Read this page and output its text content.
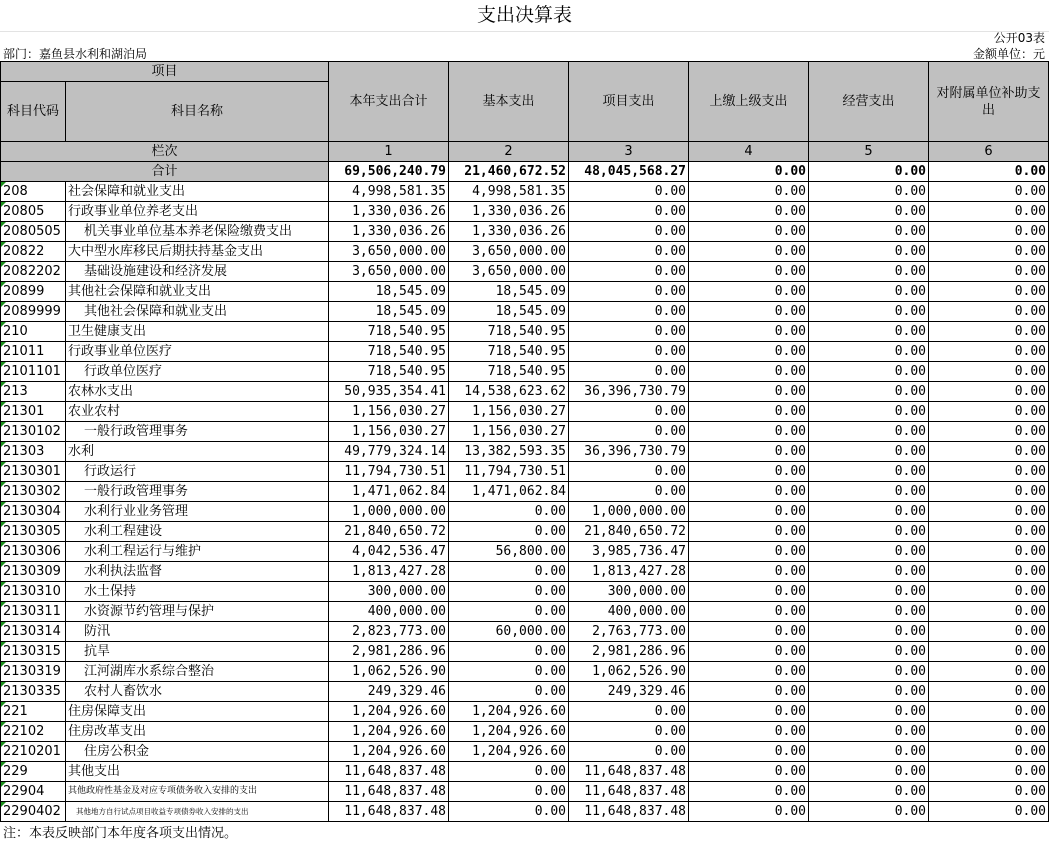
支出决算表
公开03表
部门：嘉鱼县水利和湖泊局	金额单位：元
项目		本年支出合计	基本支出	项目支出	上缴上级支出	经营支出	对附属单位补助支出
科目代码	科目名称						
栏次		1	2	3	4	5	6
合计		69,506,240.79	21,460,672.52	48,045,568.27	0.00	0.00	0.00
208	社会保障和就业支出	4,998,581.35	4,998,581.35	0.00	0.00	0.00	0.00
20805	行政事业单位养老支出	1,330,036.26	1,330,036.26	0.00	0.00	0.00	0.00
2080505	机关事业单位基本养老保险缴费支出	1,330,036.26	1,330,036.26	0.00	0.00	0.00	0.00
20822	大中型水库移民后期扶持基金支出	3,650,000.00	3,650,000.00	0.00	0.00	0.00	0.00
2082202	基础设施建设和经济发展	3,650,000.00	3,650,000.00	0.00	0.00	0.00	0.00
20899	其他社会保障和就业支出	18,545.09	18,545.09	0.00	0.00	0.00	0.00
2089999	其他社会保障和就业支出	18,545.09	18,545.09	0.00	0.00	0.00	0.00
210	卫生健康支出	718,540.95	718,540.95	0.00	0.00	0.00	0.00
21011	行政事业单位医疗	718,540.95	718,540.95	0.00	0.00	0.00	0.00
2101101	行政单位医疗	718,540.95	718,540.95	0.00	0.00	0.00	0.00
213	农林水支出	50,935,354.41	14,538,623.62	36,396,730.79	0.00	0.00	0.00
21301	农业农村	1,156,030.27	1,156,030.27	0.00	0.00	0.00	0.00
2130102	一般行政管理事务	1,156,030.27	1,156,030.27	0.00	0.00	0.00	0.00
21303	水利	49,779,324.14	13,382,593.35	36,396,730.79	0.00	0.00	0.00
2130301	行政运行	11,794,730.51	11,794,730.51	0.00	0.00	0.00	0.00
2130302	一般行政管理事务	1,471,062.84	1,471,062.84	0.00	0.00	0.00	0.00
2130304	水利行业业务管理	1,000,000.00	0.00	1,000,000.00	0.00	0.00	0.00
2130305	水利工程建设	21,840,650.72	0.00	21,840,650.72	0.00	0.00	0.00
2130306	水利工程运行与维护	4,042,536.47	56,800.00	3,985,736.47	0.00	0.00	0.00
2130309	水利执法监督	1,813,427.28	0.00	1,813,427.28	0.00	0.00	0.00
2130310	水土保持	300,000.00	0.00	300,000.00	0.00	0.00	0.00
2130311	水资源节约管理与保护	400,000.00	0.00	400,000.00	0.00	0.00	0.00
2130314	防汛	2,823,773.00	60,000.00	2,763,773.00	0.00	0.00	0.00
2130315	抗旱	2,981,286.96	0.00	2,981,286.96	0.00	0.00	0.00
2130319	江河湖库水系综合整治	1,062,526.90	0.00	1,062,526.90	0.00	0.00	0.00
2130335	农村人畜饮水	249,329.46	0.00	249,329.46	0.00	0.00	0.00
221	住房保障支出	1,204,926.60	1,204,926.60	0.00	0.00	0.00	0.00
22102	住房改革支出	1,204,926.60	1,204,926.60	0.00	0.00	0.00	0.00
2210201	住房公积金	1,204,926.60	1,204,926.60	0.00	0.00	0.00	0.00
229	其他支出	11,648,837.48	0.00	11,648,837.48	0.00	0.00	0.00
22904	其他政府性基金及对应专项债务收入安排的支出	11,648,837.48	0.00	11,648,837.48	0.00	0.00	0.00
2290402	其他地方自行试点项目收益专项债券收入安排的支出	11,648,837.48	0.00	11,648,837.48	0.00	0.00	0.00
注：本表反映部门本年度各项支出情况。
